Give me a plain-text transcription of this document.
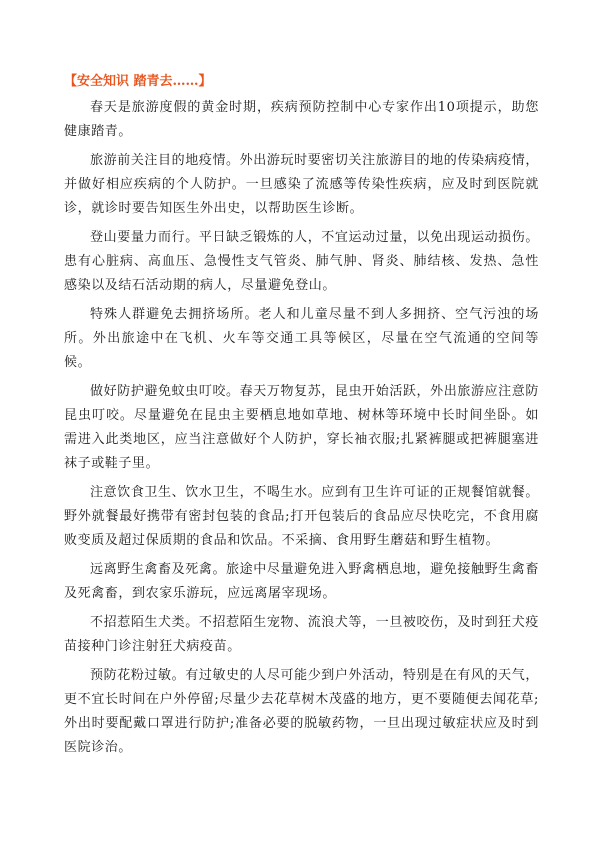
【安全知识 踏青去……】

春天是旅游度假的黄金时期，疾病预防控制中心专家作出10项提示，助您健康踏青。

旅游前关注目的地疫情。外出游玩时要密切关注旅游目的地的传染病疫情，并做好相应疾病的个人防护。一旦感染了流感等传染性疾病，应及时到医院就诊，就诊时要告知医生外出史，以帮助医生诊断。

登山要量力而行。平日缺乏锻炼的人，不宜运动过量，以免出现运动损伤。患有心脏病、高血压、急慢性支气管炎、肺气肿、肾炎、肺结核、发热、急性感染以及结石活动期的病人，尽量避免登山。

特殊人群避免去拥挤场所。老人和儿童尽量不到人多拥挤、空气污浊的场所。外出旅途中在飞机、火车等交通工具等候区，尽量在空气流通的空间等候。

做好防护避免蚊虫叮咬。春天万物复苏，昆虫开始活跃，外出旅游应注意防昆虫叮咬。尽量避免在昆虫主要栖息地如草地、树林等环境中长时间坐卧。如需进入此类地区，应当注意做好个人防护，穿长袖衣服;扎紧裤腿或把裤腿塞进袜子或鞋子里。

注意饮食卫生、饮水卫生，不喝生水。应到有卫生许可证的正规餐馆就餐。野外就餐最好携带有密封包装的食品;打开包装后的食品应尽快吃完，不食用腐败变质及超过保质期的食品和饮品。不采摘、食用野生蘑菇和野生植物。

远离野生禽畜及死禽。旅途中尽量避免进入野禽栖息地，避免接触野生禽畜及死禽畜，到农家乐游玩，应远离屠宰现场。

不招惹陌生犬类。不招惹陌生宠物、流浪犬等，一旦被咬伤，及时到狂犬疫苗接种门诊注射狂犬病疫苗。

预防花粉过敏。有过敏史的人尽可能少到户外活动，特别是在有风的天气，更不宜长时间在户外停留;尽量少去花草树木茂盛的地方，更不要随便去闻花草;外出时要配戴口罩进行防护;准备必要的脱敏药物，一旦出现过敏症状应及时到医院诊治。
